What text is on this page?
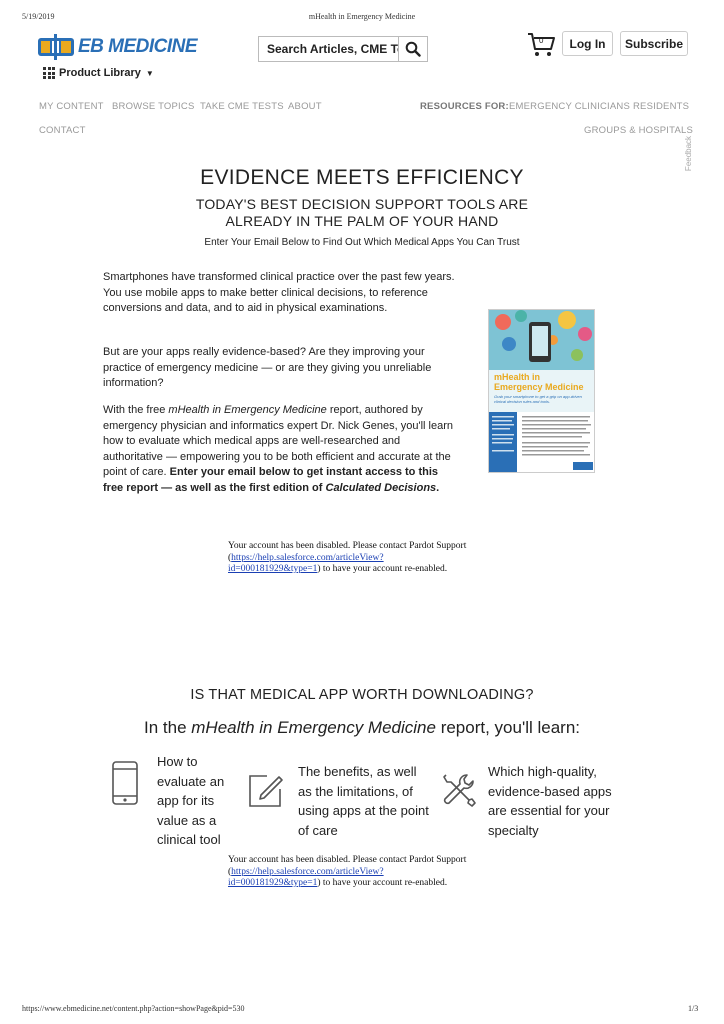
5/19/2019	mHealth in Emergency Medicine
EB MEDICINE
Search Articles, CME Te	0	Log In	Subscribe
Product Library ▼
MY CONTENT BROWSE TOPICS TAKE CME TESTS ABOUT
CONTACT
RESOURCES FOR: EMERGENCY CLINICIANS RESIDENTS
GROUPS & HOSPITALS
Feedback
EVIDENCE MEETS EFFICIENCY
TODAY'S BEST DECISION SUPPORT TOOLS ARE
ALREADY IN THE PALM OF YOUR HAND
Enter Your Email Below to Find Out Which Medical Apps You Can Trust
Smartphones have transformed clinical practice over the past few years. You use mobile apps to make better clinical decisions, to reference conversions and data, and to aid in physical examinations.
But are your apps really evidence-based? Are they improving your practice of emergency medicine — or are they giving you unreliable information?
With the free mHealth in Emergency Medicine report, authored by emergency physician and informatics expert Dr. Nick Genes, you'll learn how to evaluate which medical apps are well-researched and authoritative — empowering you to be both efficient and accurate at the point of care. Enter your email below to get instant access to this free report — as well as the first edition of Calculated Decisions.
mHealth in
Emergency Medicine
Grab your smartphone to get a grip on app-driven clinical decision rules and tools.
Your account has been disabled. Please contact Pardot Support (https://help.salesforce.com/articleView?
id=000181929&type=1) to have your account re-enabled.
IS THAT MEDICAL APP WORTH DOWNLOADING?
In the mHealth in Emergency Medicine report, you'll learn:
How to evaluate an app for its value as a clinical tool
The benefits, as well as the limitations, of using apps at the point of care
Which high-quality, evidence-based apps are essential for your specialty
Your account has been disabled. Please contact Pardot Support (https://help.salesforce.com/articleView?
id=000181929&type=1) to have your account re-enabled.
https://www.ebmedicine.net/content.php?action=showPage&pid=530	1/3
